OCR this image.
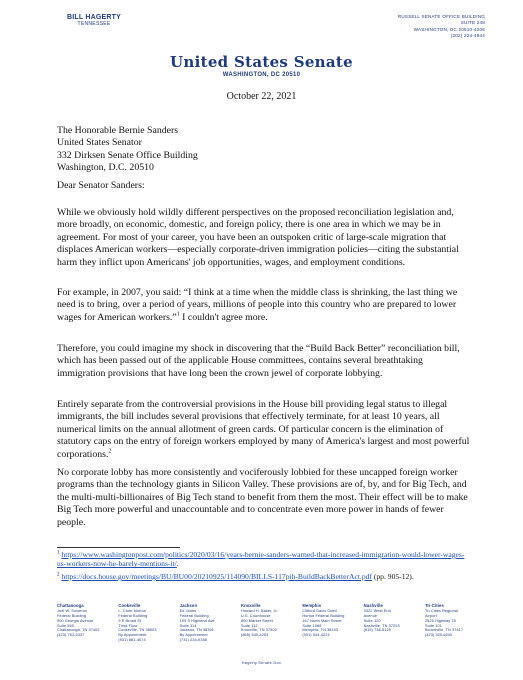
BILL HAGERTY
TENNESSEE
RUSSELL SENATE OFFICE BUILDING
SUITE 248
WASHINGTON, DC 20510-4206
(202) 224-4944
United States Senate
WASHINGTON, DC 20510
October 22, 2021
The Honorable Bernie Sanders
United States Senator
332 Dirksen Senate Office Building
Washington, D.C. 20510
Dear Senator Sanders:
While we obviously hold wildly different perspectives on the proposed reconciliation legislation and, more broadly, on economic, domestic, and foreign policy, there is one area in which we may be in agreement. For most of your career, you have been an outspoken critic of large-scale migration that displaces American workers—especially corporate-driven immigration policies—citing the substantial harm they inflict upon Americans' job opportunities, wages, and employment conditions.
For example, in 2007, you said: “I think at a time when the middle class is shrinking, the last thing we need is to bring, over a period of years, millions of people into this country who are prepared to lower wages for American workers.”$^1$ I couldn't agree more.
Therefore, you could imagine my shock in discovering that the “Build Back Better” reconciliation bill, which has been passed out of the applicable House committees, contains several breathtaking immigration provisions that have long been the crown jewel of corporate lobbying.
Entirely separate from the controversial provisions in the House bill providing legal status to illegal immigrants, the bill includes several provisions that effectively terminate, for at least 10 years, all numerical limits on the annual allotment of green cards. Of particular concern is the elimination of statutory caps on the entry of foreign workers employed by many of America's largest and most powerful corporations.$^2$
No corporate lobby has more consistently and vociferously lobbied for these uncapped foreign worker programs than the technology giants in Silicon Valley. These provisions are of, by, and for Big Tech, and the multi-multi-billionaires of Big Tech stand to benefit from them the most. Their effect will be to make Big Tech more powerful and unaccountable and to concentrate even more power in hands of fewer people.
$^1$ https://www.washingtonpost.com/politics/2020/03/16/years-bernie-sanders-warned-that-increased-immigration-would-lower-wages-us-workers-now-he-barely-mentions-it/.
$^2$ https://docs.house.gov/meetings/BU/BU00/20210925/114090/BILLS-117pih-BuildBackBetterAct.pdf (pp. 905-12).
Chattanooga
Joel W. Solomon
Federal Building
900 Georgia Avenue
Suite 260
Chattanooga, TN 37402
(423) 752-5337
Cookeville
L. Clure Morton
Federal Building
9 E Broad St
Third Floor
Cookeville, TN 38503
By Appointment
(931) 881-4674
Jackson
Ed Jones
Federal Building
109 S Highland Ave
Suite 314
Jackson, TN 38301
By Appointment
(731) 234-9358
Knoxville
Howard H. Baker, Jr.
U.S. Courthouse
800 Market Street
Suite 112
Knoxville, TN 37902
(865) 545-4253
Memphis
Clifford Davis Odell
Horton Federal Building
167 North Main Street
Suite 1068
Memphis, TN 38103
(901) 544-4224
Nashville
3322 West End
Avenue
Suite 120
Nashville, TN 37203
(615) 736-5129
Tri-Cities
Tri-Cities Regional
Airport
2525 Highway 75
Suite 101
Blountville, TN 37617
(423) 325-6240
Hagerty.Senate.Gov
